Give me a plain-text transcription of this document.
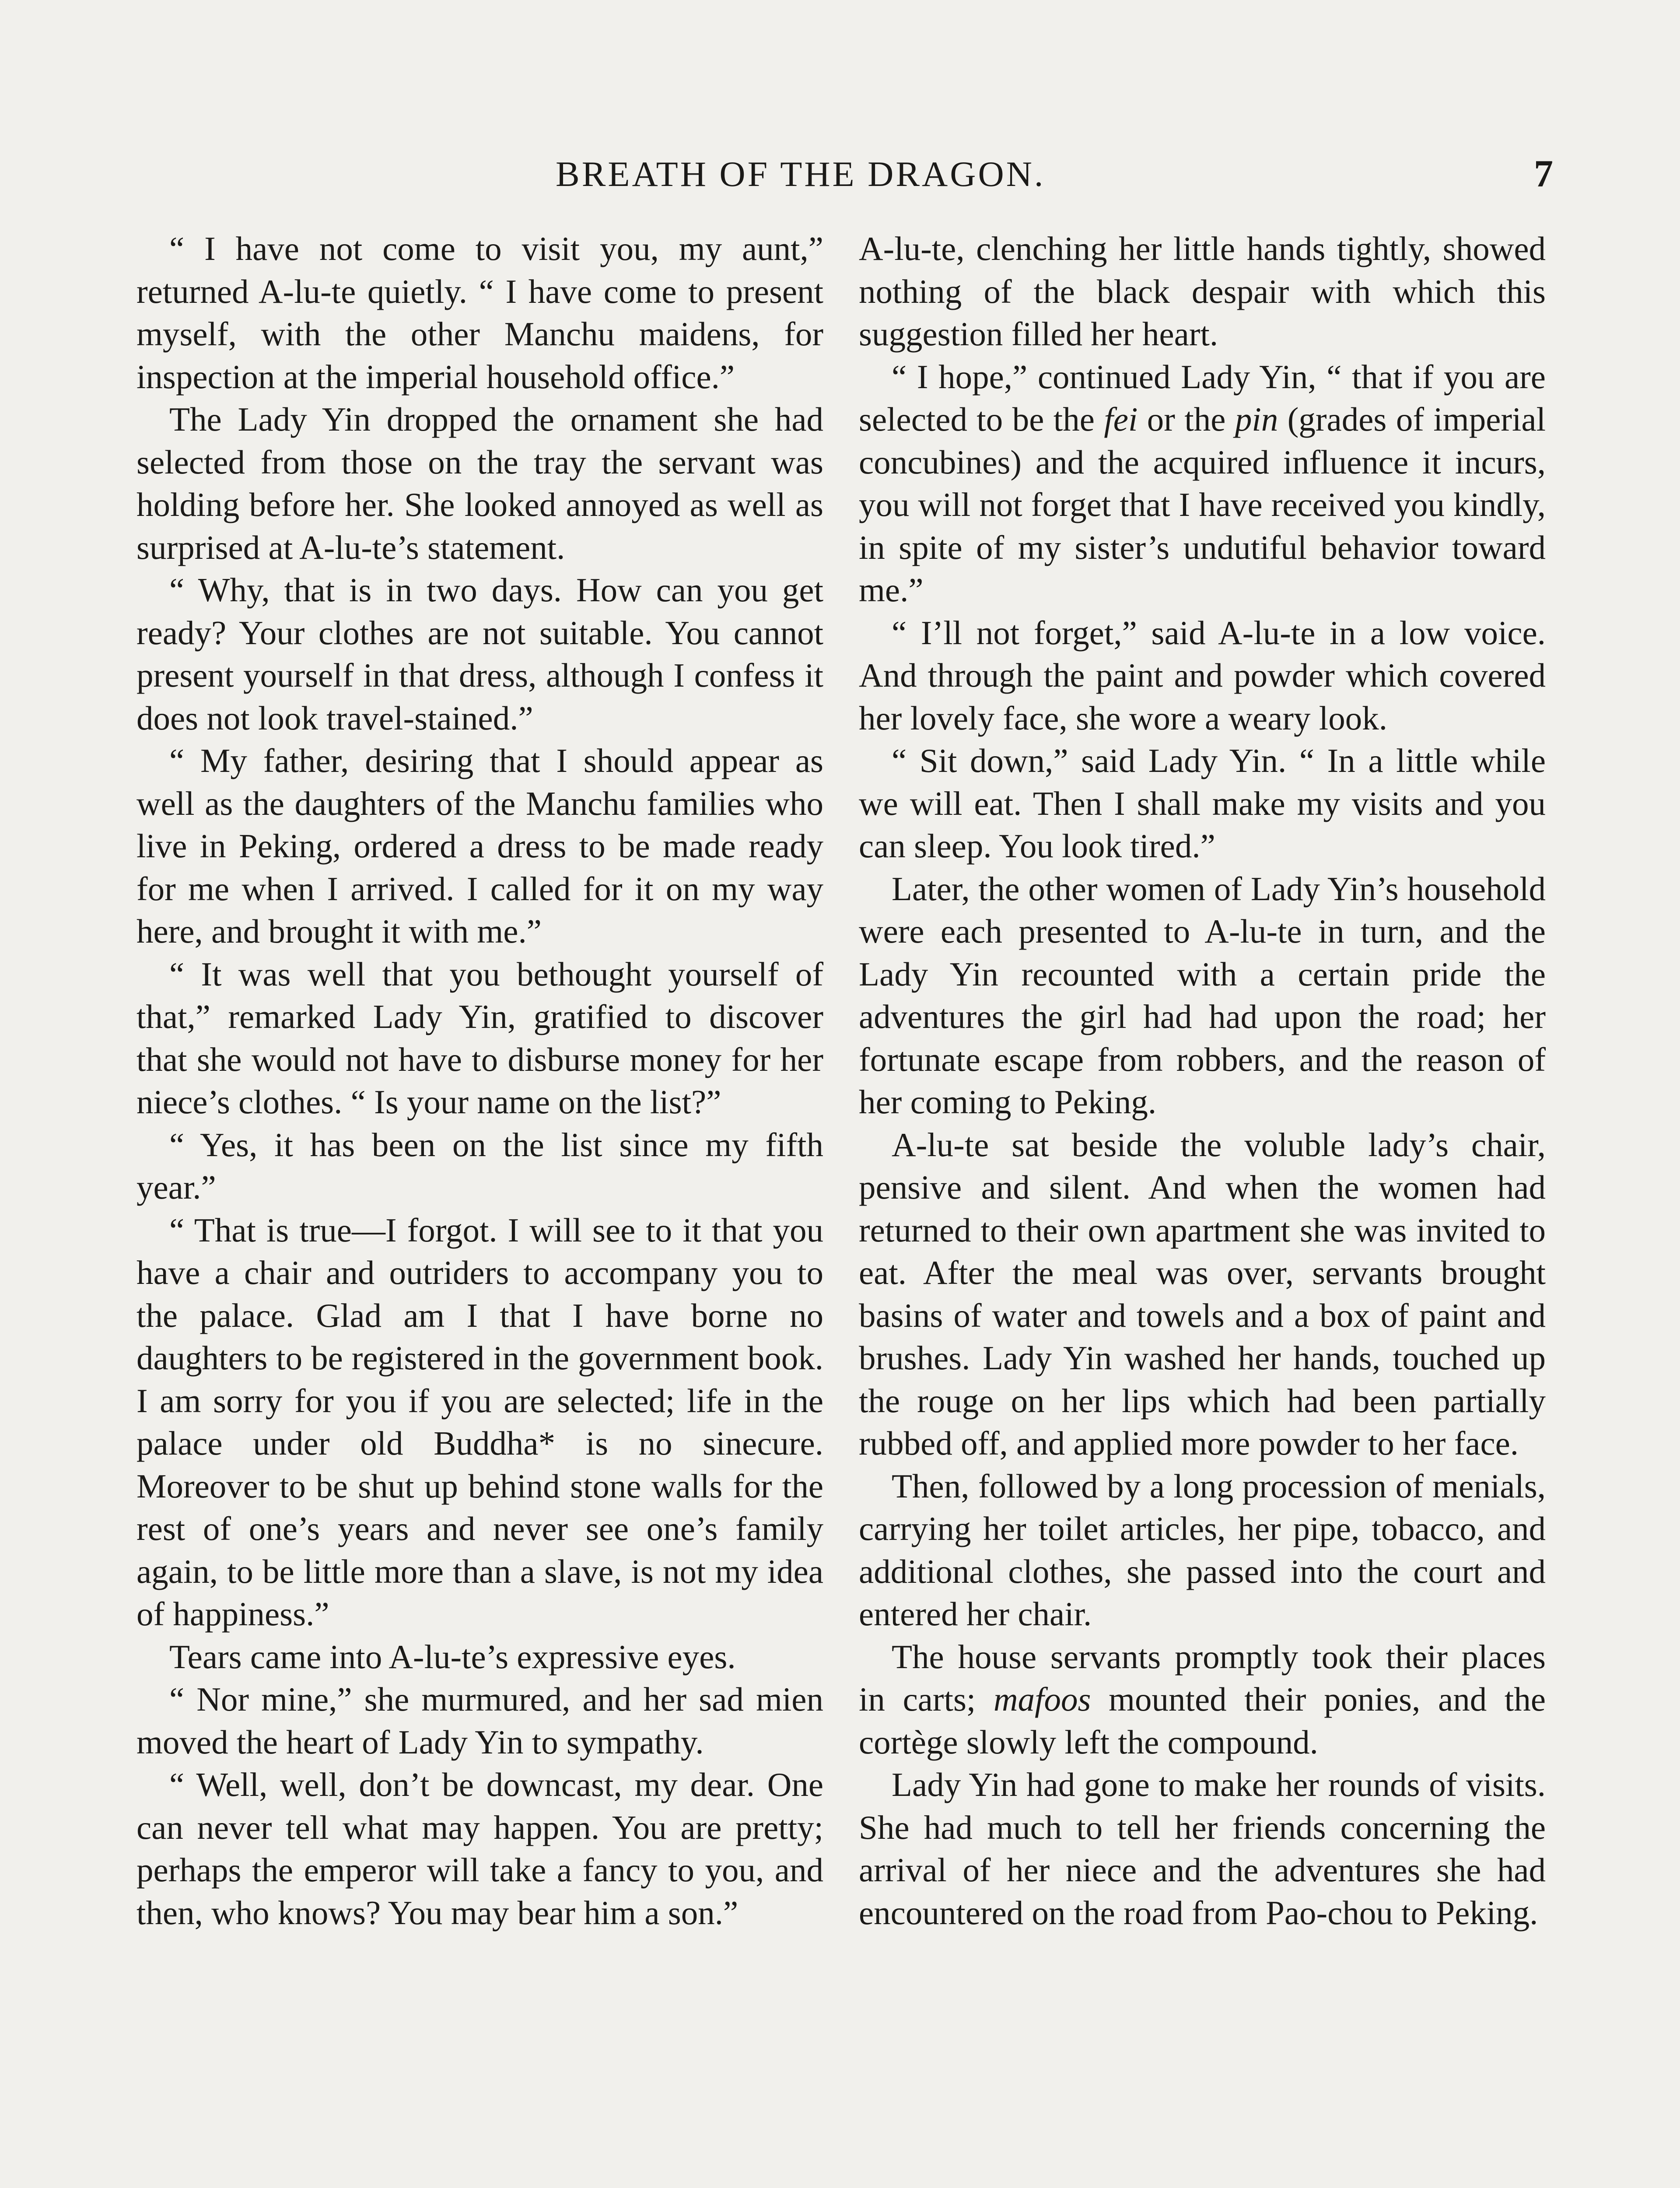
BREATH OF THE DRAGON.	7

“ I have not come to visit you, my aunt,” returned A-lu-te quietly. “ I have come to present myself, with the other Manchu maidens, for inspection at the imperial household office.”

The Lady Yin dropped the ornament she had selected from those on the tray the servant was holding before her. She looked annoyed as well as surprised at A-lu-te’s statement.

“ Why, that is in two days. How can you get ready? Your clothes are not suitable. You cannot present yourself in that dress, although I confess it does not look travel-stained.”

“ My father, desiring that I should appear as well as the daughters of the Manchu families who live in Peking, ordered a dress to be made ready for me when I arrived. I called for it on my way here, and brought it with me.”

“ It was well that you bethought yourself of that,” remarked Lady Yin, gratified to discover that she would not have to disburse money for her niece’s clothes. “ Is your name on the list?”

“ Yes, it has been on the list since my fifth year.”

“ That is true—I forgot. I will see to it that you have a chair and outriders to accompany you to the palace. Glad am I that I have borne no daughters to be registered in the government book. I am sorry for you if you are selected; life in the palace under old Buddha* is no sinecure. Moreover to be shut up behind stone walls for the rest of one’s years and never see one’s family again, to be little more than a slave, is not my idea of happiness.”

Tears came into A-lu-te’s expressive eyes.

“ Nor mine,” she murmured, and her sad mien moved the heart of Lady Yin to sympathy.

“ Well, well, don’t be downcast, my dear. One can never tell what may happen. You are pretty; perhaps the emperor will take a fancy to you, and then, who knows? You may bear him a son.”

A-lu-te, clenching her little hands tightly, showed nothing of the black despair with which this suggestion filled her heart.

“ I hope,” continued Lady Yin, “ that if you are selected to be the fei or the pin (grades of imperial concubines) and the acquired influence it incurs, you will not forget that I have received you kindly, in spite of my sister’s undutiful behavior toward me.”

“ I’ll not forget,” said A-lu-te in a low voice. And through the paint and powder which covered her lovely face, she wore a weary look.

“ Sit down,” said Lady Yin. “ In a little while we will eat. Then I shall make my visits and you can sleep. You look tired.”

Later, the other women of Lady Yin’s household were each presented to A-lu-te in turn, and the Lady Yin recounted with a certain pride the adventures the girl had had upon the road; her fortunate escape from robbers, and the reason of her coming to Peking.

A-lu-te sat beside the voluble lady’s chair, pensive and silent. And when the women had returned to their own apartment she was invited to eat. After the meal was over, servants brought basins of water and towels and a box of paint and brushes. Lady Yin washed her hands, touched up the rouge on her lips which had been partially rubbed off, and applied more powder to her face.

Then, followed by a long procession of menials, carrying her toilet articles, her pipe, tobacco, and additional clothes, she passed into the court and entered her chair.

The house servants promptly took their places in carts; mafoos mounted their ponies, and the cortège slowly left the compound.

Lady Yin had gone to make her rounds of visits. She had much to tell her friends concerning the arrival of her niece and the adventures she had encountered on the road from Pao-chou to Peking.
